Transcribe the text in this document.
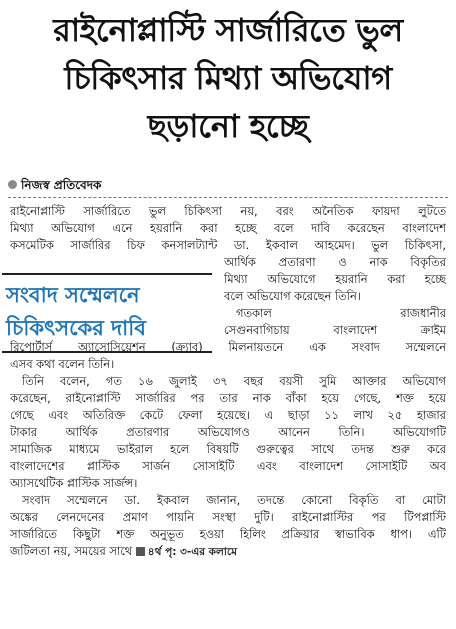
রাইনোপ্লাস্টি সার্জারিতে ভুল
চিকিৎসার মিথ্যা অভিযোগ
ছড়ানো হচ্ছে
নিজস্ব প্রতিবেদক
সংবাদ সম্মেলনে
চিকিৎসকের দাবি
রাইনোপ্লাস্টি সার্জারিতে ভুল চিকিৎসা নয়, বরং অনৈতিক ফায়দা লুটতে
মিথ্যা অভিযোগ এনে হয়রানি করা হচ্ছে বলে দাবি করেছেন বাংলাদেশ
কসমেটিক সার্জারির চিফ কনসালট্যান্ট ডা. ইকবাল আহমেদ। ভুল চিকিৎসা,
আর্থিক প্রতারণা ও নাক বিকৃতির
মিথ্যা অভিযোগে হয়রানি করা হচ্ছে
বলে অভিযোগ করেছেন তিনি।
গতকাল রাজধানীর
সেগুনবাগিচায় বাংলাদেশ ক্রাইম
রিপোর্টার্স অ্যাসোসিয়েশন (ক্র্যাব) মিলনায়তনে এক সংবাদ সম্মেলনে
এসব কথা বলেন তিনি।
তিনি বলেন, গত ১৬ জুলাই ৩৭ বছর বয়সী সুমি আক্তার অভিযোগ
করেছেন, রাইনোপ্লাস্টি সার্জারির পর তার নাক বাঁকা হয়ে গেছে, শক্ত হয়ে
গেছে এবং অতিরিক্ত কেটে ফেলা হয়েছে। এ ছাড়া ১১ লাখ ২৫ হাজার
টাকার আর্থিক প্রতারণার অভিযোগও আনেন তিনি। অভিযোগটি
সামাজিক মাধ্যমে ভাইরাল হলে বিষয়টি গুরুত্বের সাথে তদন্ত শুরু করে
বাংলাদেশের প্লাস্টিক সার্জন সোসাইটি এবং বাংলাদেশ সোসাইটি অব
অ্যাসথেটিক প্লাস্টিক সার্জন্স।
সংবাদ সম্মেলনে ডা. ইকবাল জানান, তদন্তে কোনো বিকৃতি বা মোটা
অঙ্কের লেনদেনের প্রমাণ পায়নি সংস্থা দুটি। রাইনোপ্লাস্টির পর টিপপ্লাস্টি
সার্জারিতে কিছুটা শক্ত অনুভূত হওয়া হিলিং প্রক্রিয়ার স্বাভাবিক ধাপ। এটি
জটিলতা নয়, সময়ের সাথে ৪র্থ পৃ: ৩-এর কলামে
